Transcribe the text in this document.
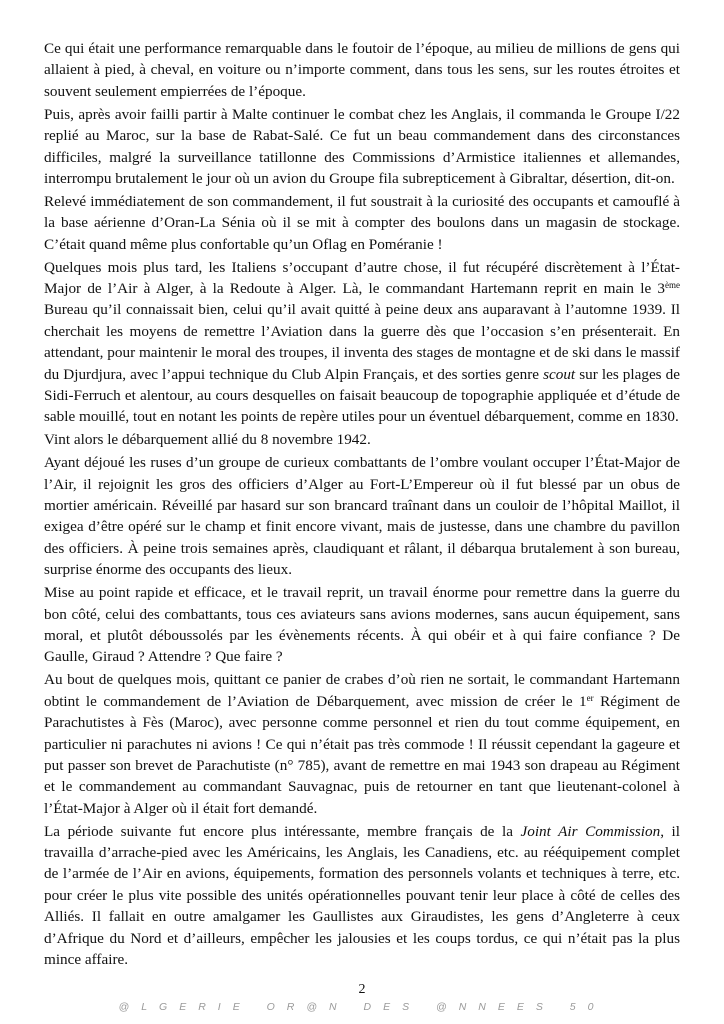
Ce qui était une performance remarquable dans le foutoir de l’époque, au milieu de millions de gens qui allaient à pied, à cheval, en voiture ou n’importe comment, dans tous les sens, sur les routes étroites et souvent seulement empierrées de l’époque.

Puis, après avoir failli partir à Malte continuer le combat chez les Anglais, il commanda le Groupe I/22 replié au Maroc, sur la base de Rabat-Salé. Ce fut un beau commandement dans des circonstances difficiles, malgré la surveillance tatillonne des Commissions d’Armistice italiennes et allemandes, interrompu brutalement le jour où un avion du Groupe fila subrepticement à Gibraltar, désertion, dit-on.

Relevé immédiatement de son commandement, il fut soustrait à la curiosité des occupants et camouflé à la base aérienne d’Oran-La Sénia où il se mit à compter des boulons dans un magasin de stockage. C’était quand même plus confortable qu’un Oflag en Poméranie !

Quelques mois plus tard, les Italiens s’occupant d’autre chose, il fut récupéré discrètement à l’État-Major de l’Air à Alger, à la Redoute à Alger. Là, le commandant Hartemann reprit en main le 3ème Bureau qu’il connaissait bien, celui qu’il avait quitté à peine deux ans auparavant à l’automne 1939. Il cherchait les moyens de remettre l’Aviation dans la guerre dès que l’occasion s’en présenterait. En attendant, pour maintenir le moral des troupes, il inventa des stages de montagne et de ski dans le massif du Djurdjura, avec l’appui technique du Club Alpin Français, et des sorties genre scout sur les plages de Sidi-Ferruch et alentour, au cours desquelles on faisait beaucoup de topographie appliquée et d’étude de sable mouillé, tout en notant les points de repère utiles pour un éventuel débarquement, comme en 1830.

Vint alors le débarquement allié du 8 novembre 1942.

Ayant déjoué les ruses d’un groupe de curieux combattants de l’ombre voulant occuper l’État-Major de l’Air, il rejoignit les gros des officiers d’Alger au Fort-L’Empereur où il fut blessé par un obus de mortier américain. Réveillé par hasard sur son brancard traînant dans un couloir de l’hôpital Maillot, il exigea d’être opéré sur le champ et finit encore vivant, mais de justesse, dans une chambre du pavillon des officiers. À peine trois semaines après, claudiquant et râlant, il débarqua brutalement à son bureau, surprise énorme des occupants des lieux.

Mise au point rapide et efficace, et le travail reprit, un travail énorme pour remettre dans la guerre du bon côté, celui des combattants, tous ces aviateurs sans avions modernes, sans aucun équipement, sans moral, et plutôt déboussolés par les évènements récents. À qui obéir et à qui faire confiance ? De Gaulle, Giraud ? Attendre ? Que faire ?

Au bout de quelques mois, quittant ce panier de crabes d’où rien ne sortait, le commandant Hartemann obtint le commandement de l’Aviation de Débarquement, avec mission de créer le 1er Régiment de Parachutistes à Fès (Maroc), avec personne comme personnel et rien du tout comme équipement, en particulier ni parachutes ni avions ! Ce qui n’était pas très commode ! Il réussit cependant la gageure et put passer son brevet de Parachutiste (n° 785), avant de remettre en mai 1943 son drapeau au Régiment et le commandement au commandant Sauvagnac, puis de retourner en tant que lieutenant-colonel à l’État-Major à Alger où il était fort demandé.

La période suivante fut encore plus intéressante, membre français de la Joint Air Commission, il travailla d’arrache-pied avec les Américains, les Anglais, les Canadiens, etc. au rééquipement complet de l’armée de l’Air en avions, équipements, formation des personnels volants et techniques à terre, etc. pour créer le plus vite possible des unités opérationnelles pouvant tenir leur place à côté de celles des Alliés. Il fallait en outre amalgamer les Gaullistes aux Giraudistes, les gens d’Angleterre à ceux d’Afrique du Nord et d’ailleurs, empêcher les jalousies et les coups tordus, ce qui n’était pas la plus mince affaire.

2
@LGERIE OR@N DES @NNEES 50
